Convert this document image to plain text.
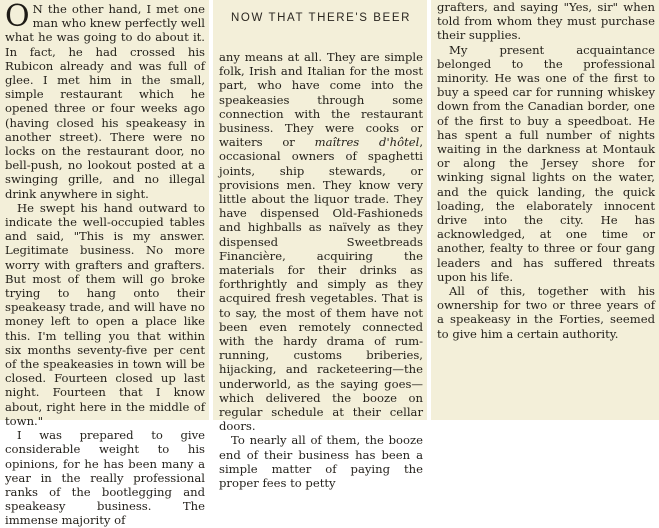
O N the other hand, I met one man who knew perfectly well what he was going to do about it. In fact, he had crossed his Rubicon already and was full of glee. I met him in the small, simple restaurant which he opened three or four weeks ago (having closed his speakeasy in another street). There were no locks on the restaurant door, no bell-push, no lookout posted at a swinging grille, and no illegal drink anywhere in sight.

He swept his hand outward to indicate the well-occupied tables and said, "This is my answer. Legitimate business. No more worry with grafters and grafters. But most of them will go broke trying to hang onto their speakeasy trade, and will have no money left to open a place like this. I'm telling you that within six months seventy-five per cent of the speakeasies in town will be closed. Fourteen closed up last night. Fourteen that I know about, right here in the middle of town."

I was prepared to give considerable weight to his opinions, for he has been many a year in the really professional ranks of the bootlegging and speakeasy business. The immense majority of

NOW THAT THERE'S BEER

any means at all. They are simple folk, Irish and Italian for the most part, who have come into the speakeasies through some connection with the restaurant business. They were cooks or waiters or maîtres d'hôtel, occasional owners of spaghetti joints, ship stewards, or provisions men. They know very little about the liquor trade. They have dispensed Old-Fashioneds and highballs as naïvely as they dispensed Sweetbreads Financière, acquiring the materials for their drinks as forthrightly and simply as they acquired fresh vegetables. That is to say, the most of them have not been even remotely connected with the hardy drama of rum-running, customs briberies, hijacking, and racketeering—the underworld, as the saying goes—which delivered the booze on regular schedule at their cellar doors.

To nearly all of them, the booze end of their business has been a simple matter of paying the proper fees to petty

grafters, and saying "Yes, sir" when told from whom they must purchase their supplies.

My present acquaintance belonged to the professional minority. He was one of the first to buy a speed car for running whiskey down from the Canadian border, one of the first to buy a speedboat. He has spent a full number of nights waiting in the darkness at Montauk or along the Jersey shore for winking signal lights on the water, and the quick landing, the quick loading, the elaborately innocent drive into the city. He has acknowledged, at one time or another, fealty to three or four gang leaders and has suffered threats upon his life.

All of this, together with his ownership for two or three years of a speakeasy in the Forties, seemed to give him a certain authority.
